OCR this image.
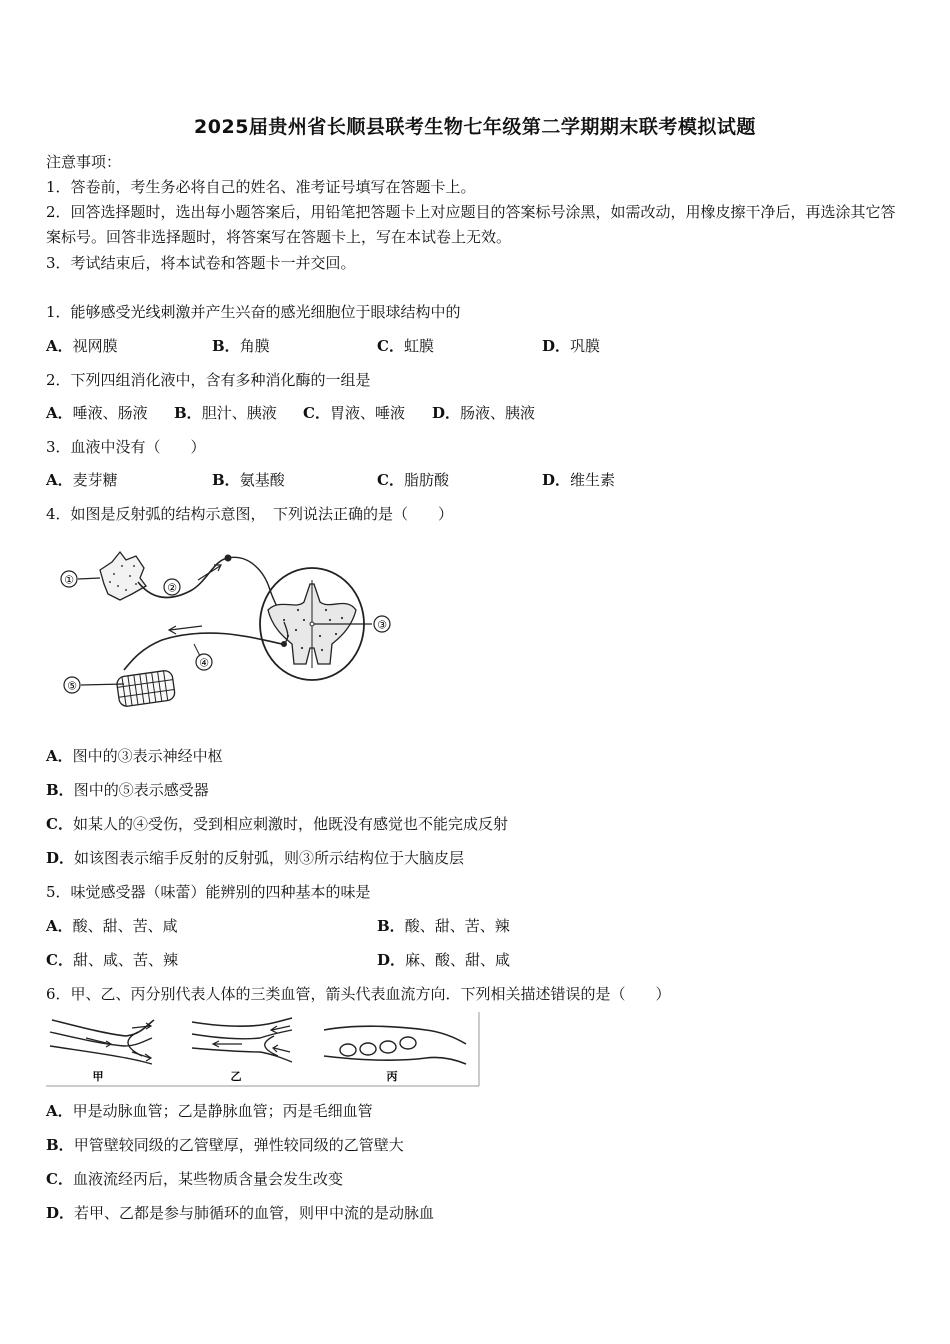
2025届贵州省长顺县联考生物七年级第二学期期末联考模拟试题
注意事项：
1．答卷前，考生务必将自己的姓名、准考证号填写在答题卡上。
2．回答选择题时，选出每小题答案后，用铅笔把答题卡上对应题目的答案标号涂黑，如需改动，用橡皮擦干净后，再选涂其它答案标号。回答非选择题时，将答案写在答题卡上，写在本试卷上无效。
3．考试结束后，将本试卷和答题卡一并交回。
1．能够感受光线刺激并产生兴奋的感光细胞位于眼球结构中的
A．视网膜	B．角膜	C．虹膜	D．巩膜
2．下列四组消化液中，含有多种消化酶的一组是
A．唾液、肠液 B．胆汁、胰液 C．胃液、唾液 D．肠液、胰液
3．血液中没有（　　）
A．麦芽糖	B．氨基酸	C．脂肪酸	D．维生素
4．如图是反射弧的结构示意图，　下列说法正确的是（　　）
①
②
③
④
⑤
A．图中的③表示神经中枢
B．图中的⑤表示感受器
C．如某人的④受伤，受到相应刺激时，他既没有感觉也不能完成反射
D．如该图表示缩手反射的反射弧，则③所示结构位于大脑皮层
5．味觉感受器（味蕾）能辨别的四种基本的味是
A．酸、甜、苦、咸	B．酸、甜、苦、辣
C．甜、咸、苦、辣	D．麻、酸、甜、咸
6．甲、乙、丙分别代表人体的三类血管，箭头代表血流方向．下列相关描述错误的是（　　）
甲	乙	丙
A．甲是动脉血管；乙是静脉血管；丙是毛细血管
B．甲管壁较同级的乙管壁厚，弹性较同级的乙管壁大
C．血液流经丙后，某些物质含量会发生改变
D．若甲、乙都是参与肺循环的血管，则甲中流的是动脉血
